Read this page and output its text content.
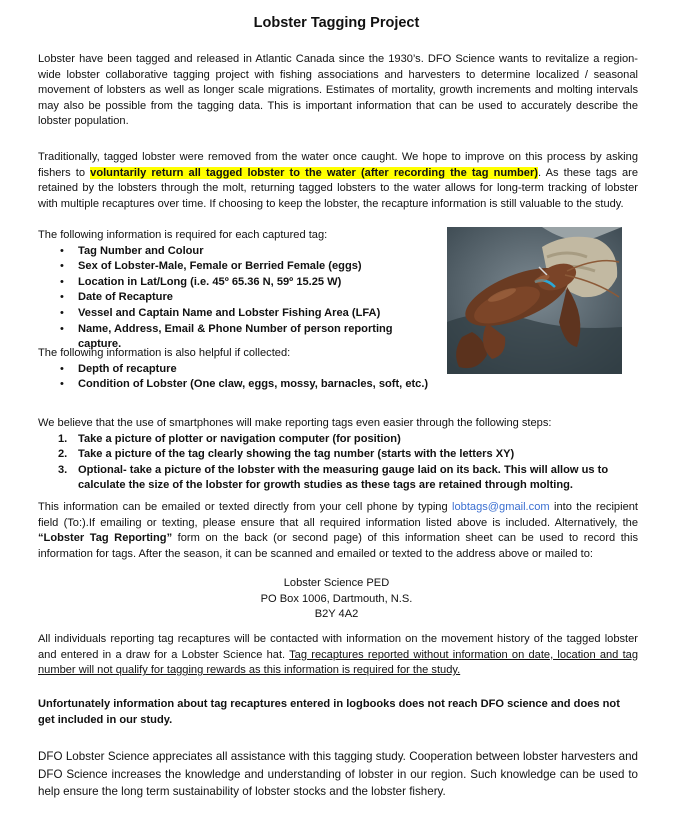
Lobster Tagging Project
Lobster have been tagged and released in Atlantic Canada since the 1930’s. DFO Science wants to revitalize a region-wide lobster collaborative tagging project with fishing associations and harvesters to determine localized / seasonal movement of lobsters as well as longer scale migrations. Estimates of mortality, growth increments and molting intervals may also be possible from the tagging data. This is important information that can be used to accurately describe the lobster population.
Traditionally, tagged lobster were removed from the water once caught. We hope to improve on this process by asking fishers to voluntarily return all tagged lobster to the water (after recording the tag number). As these tags are retained by the lobsters through the molt, returning tagged lobsters to the water allows for long-term tracking of lobster with multiple recaptures over time. If choosing to keep the lobster, the recapture information is still valuable to the study.
The following information is required for each captured tag:
• Tag Number and Colour
• Sex of Lobster-Male, Female or Berried Female (eggs)
• Location in Lat/Long (i.e. 45º 65.36 N, 59º 15.25 W)
• Date of Recapture
• Vessel and Captain Name and Lobster Fishing Area (LFA)
• Name, Address, Email & Phone Number of person reporting capture.
The following information is also helpful if collected:
• Depth of recapture
• Condition of Lobster (One claw, eggs, mossy, barnacles, soft, etc.)
We believe that the use of smartphones will make reporting tags even easier through the following steps:
1. Take a picture of plotter or navigation computer (for position)
2. Take a picture of the tag clearly showing the tag number (starts with the letters XY)
3. Optional- take a picture of the lobster with the measuring gauge laid on its back. This will allow us to calculate the size of the lobster for growth studies as these tags are retained through molting.
This information can be emailed or texted directly from your cell phone by typing lobtags@gmail.com into the recipient field (To:).If emailing or texting, please ensure that all required information listed above is included. Alternatively, the “Lobster Tag Reporting” form on the back (or second page) of this information sheet can be used to record this information for tags. After the season, it can be scanned and emailed or texted to the address above or mailed to:
Lobster Science PED
PO Box 1006, Dartmouth, N.S.
B2Y 4A2
All individuals reporting tag recaptures will be contacted with information on the movement history of the tagged lobster and entered in a draw for a Lobster Science hat. Tag recaptures reported without information on date, location and tag number will not qualify for tagging rewards as this information is required for the study.
Unfortunately information about tag recaptures entered in logbooks does not reach DFO science and does not get included in our study.
DFO Lobster Science appreciates all assistance with this tagging study. Cooperation between lobster harvesters and DFO Science increases the knowledge and understanding of lobster in our region. Such knowledge can be used to help ensure the long term sustainability of lobster stocks and the lobster fishery.
